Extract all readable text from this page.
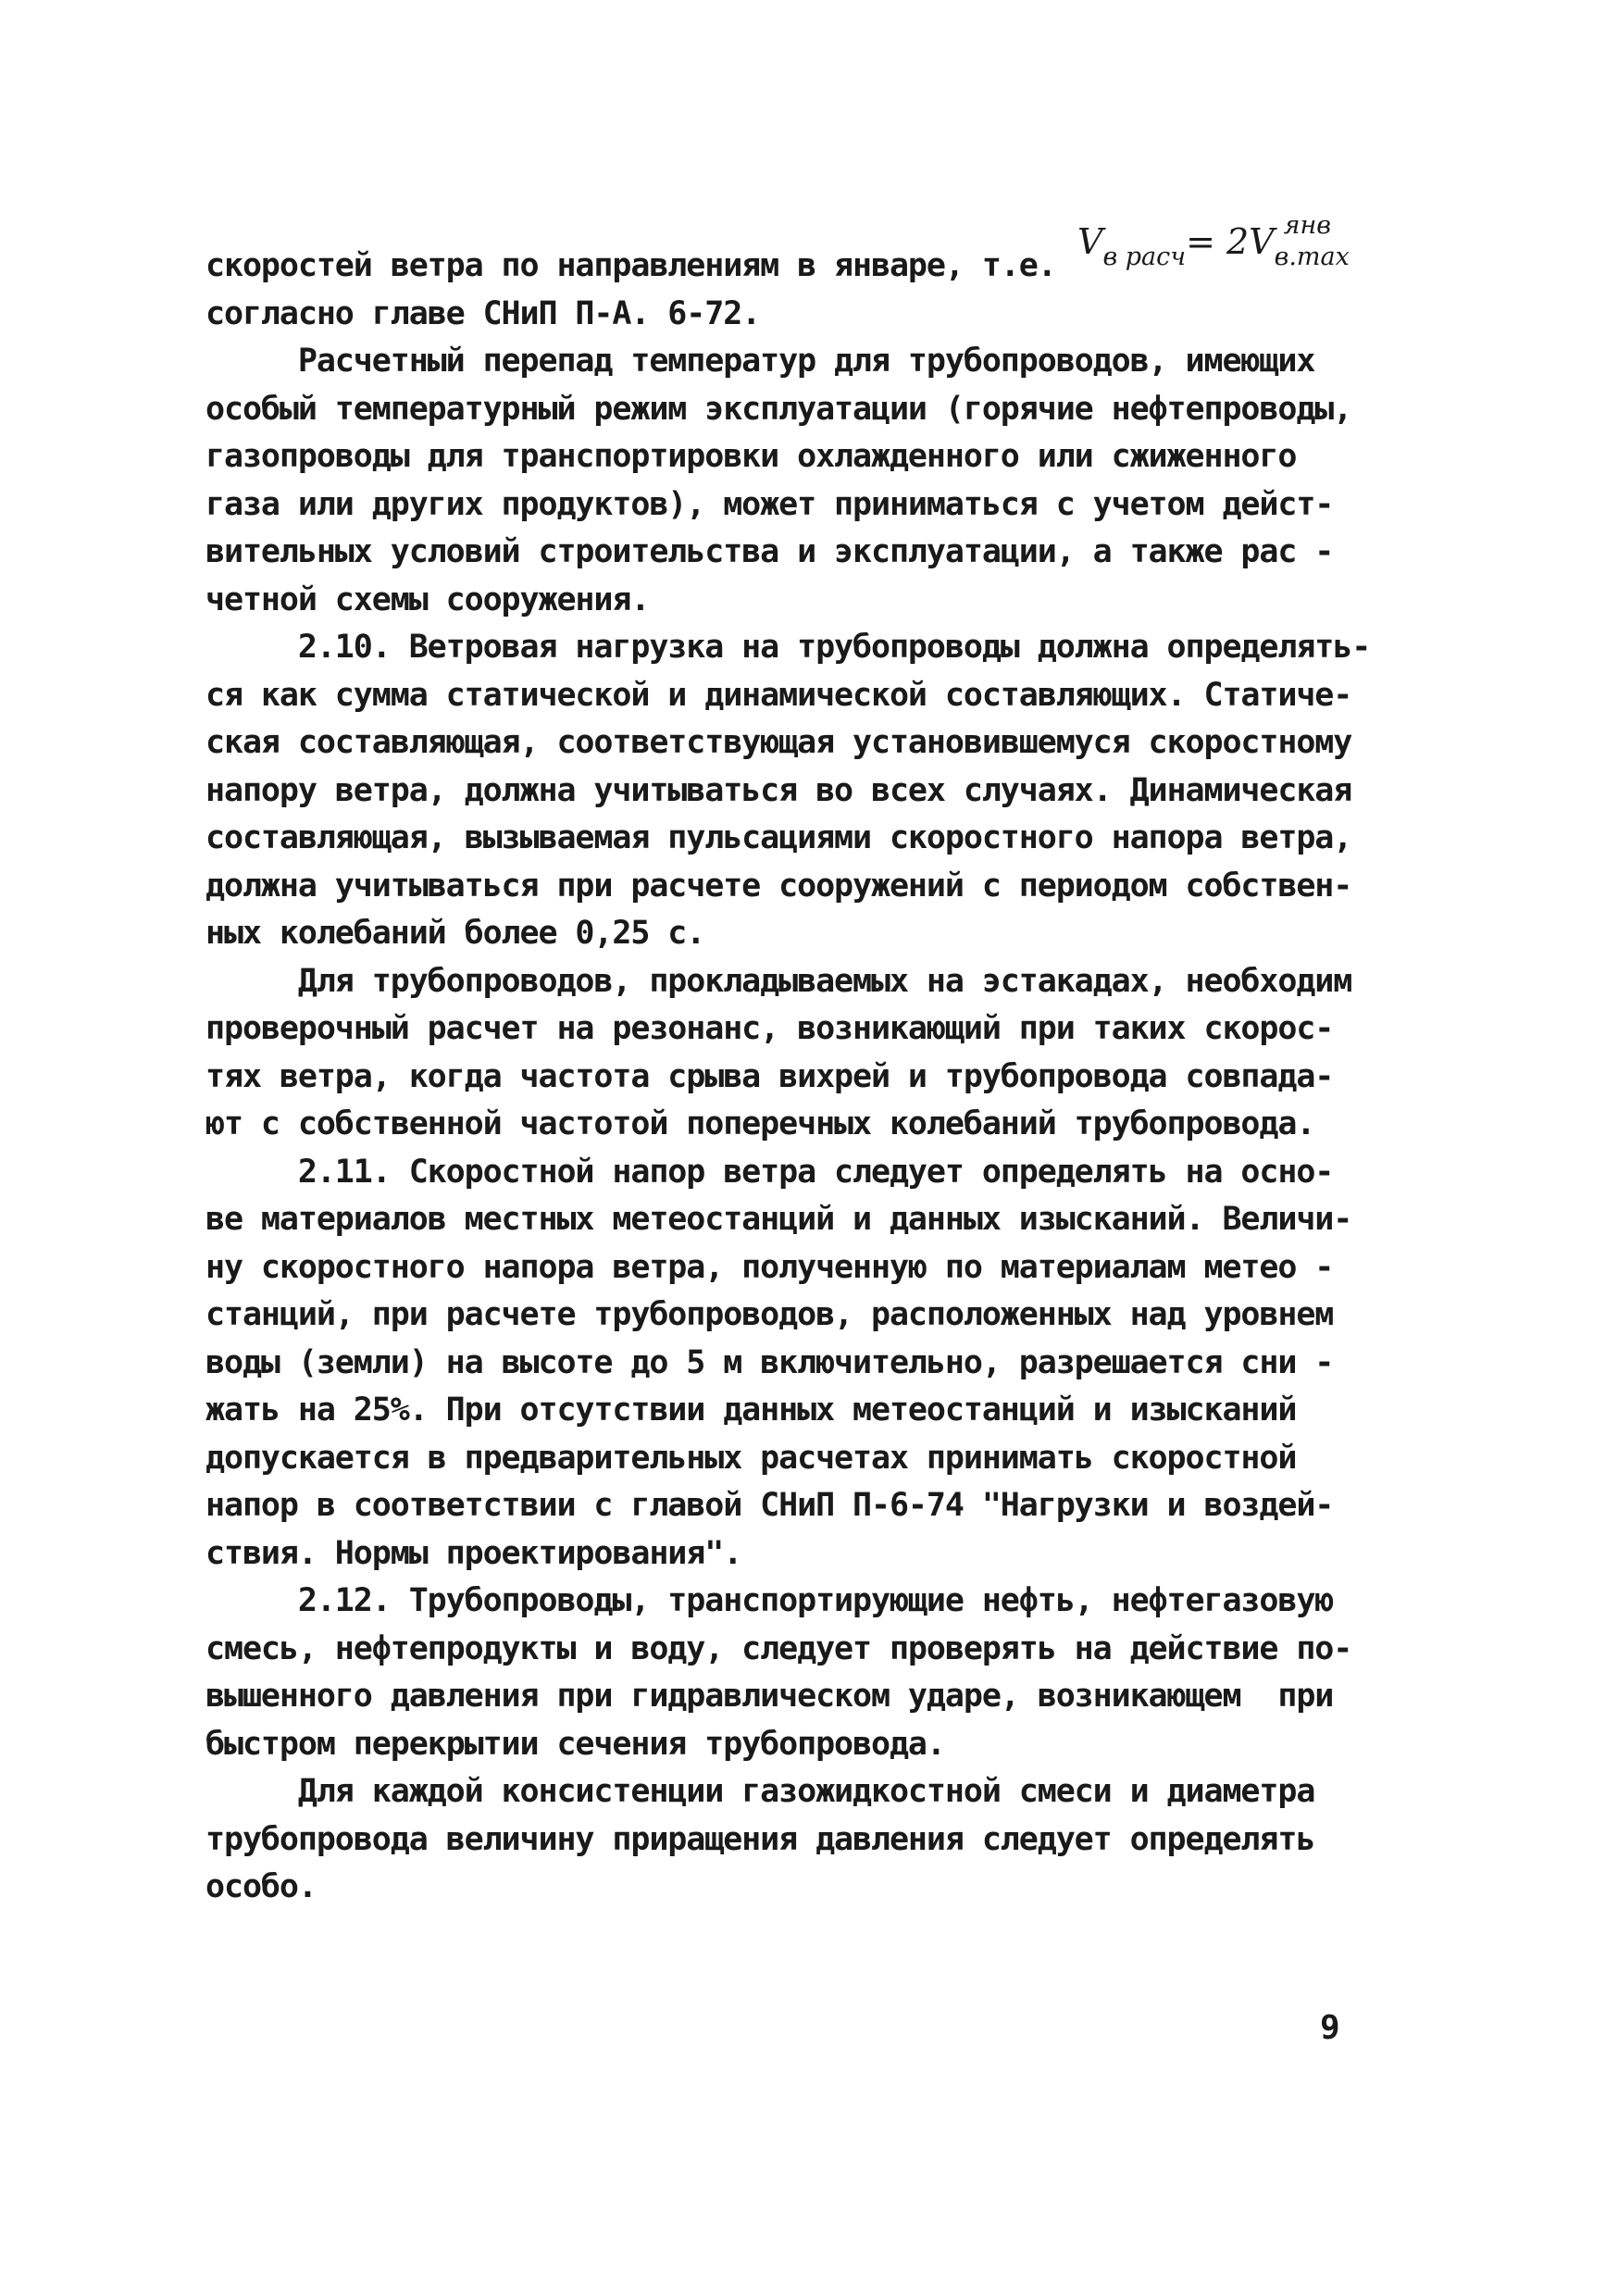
скоростей ветра по направлениям в январе, т.е.
$V_{в расч}= 2V$ янв
в.max
согласно главе СНиП П-А. 6-72.
Расчетный перепад температур для трубопроводов, имеющих
особый температурный режим эксплуатации (горячие нефтепроводы,
газопроводы для транспортировки охлажденного или сжиженного
газа или других продуктов), может приниматься с учетом дейст-
вительных условий строительства и эксплуатации, а также рас -
четной схемы сооружения.
2.10. Ветровая нагрузка на трубопроводы должна определять-
ся как сумма статической и динамической составляющих. Статиче-
ская составляющая, соответствующая установившемуся скоростному
напору ветра, должна учитываться во всех случаях. Динамическая
составляющая, вызываемая пульсациями скоростного напора ветра,
должна учитываться при расчете сооружений с периодом собствен-
ных колебаний более 0,25 с.
Для трубопроводов, прокладываемых на эстакадах, необходим
проверочный расчет на резонанс, возникающий при таких скорос-
тях ветра, когда частота срыва вихрей и трубопровода совпада-
ют с собственной частотой поперечных колебаний трубопровода.
2.11. Скоростной напор ветра следует определять на осно-
ве материалов местных метеостанций и данных изысканий. Величи-
ну скоростного напора ветра, полученную по материалам метео -
станций, при расчете трубопроводов, расположенных над уровнем
воды (земли) на высоте до 5 м включительно, разрешается сни -
жать на 25%. При отсутствии данных метеостанций и изысканий
допускается в предварительных расчетах принимать скоростной
напор в соответствии с главой СНиП П-6-74 "Нагрузки и воздей-
ствия. Нормы проектирования".
2.12. Трубопроводы, транспортирующие нефть, нефтегазовую
смесь, нефтепродукты и воду, следует проверять на действие по-
вышенного давления при гидравлическом ударе, возникающем  при
быстром перекрытии сечения трубопровода.
Для каждой консистенции газожидкостной смеси и диаметра
трубопровода величину приращения давления следует определять
особо.
9
